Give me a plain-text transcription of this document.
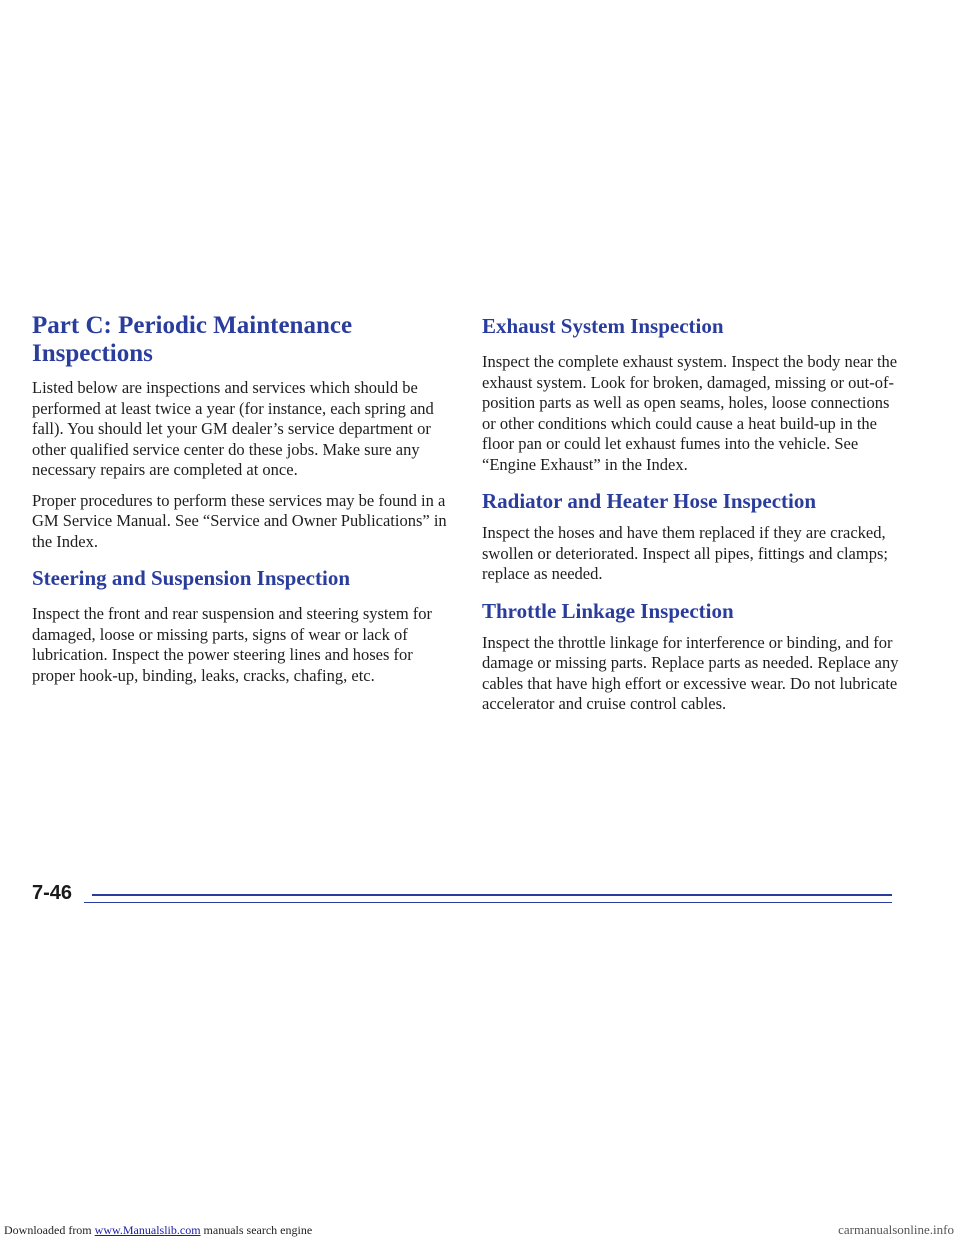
Part C: Periodic Maintenance Inspections

Listed below are inspections and services which should be performed at least twice a year (for instance, each spring and fall). You should let your GM dealer’s service department or other qualified service center do these jobs. Make sure any necessary repairs are completed at once.

Proper procedures to perform these services may be found in a GM Service Manual. See “Service and Owner Publications” in the Index.

Steering and Suspension Inspection

Inspect the front and rear suspension and steering system for damaged, loose or missing parts, signs of wear or lack of lubrication. Inspect the power steering lines and hoses for proper hook-up, binding, leaks, cracks, chafing, etc.

Exhaust System Inspection

Inspect the complete exhaust system. Inspect the body near the exhaust system. Look for broken, damaged, missing or out-of-position parts as well as open seams, holes, loose connections or other conditions which could cause a heat build-up in the floor pan or could let exhaust fumes into the vehicle. See “Engine Exhaust” in the Index.

Radiator and Heater Hose Inspection

Inspect the hoses and have them replaced if they are cracked, swollen or deteriorated. Inspect all pipes, fittings and clamps; replace as needed.

Throttle Linkage Inspection

Inspect the throttle linkage for interference or binding, and for damage or missing parts. Replace parts as needed. Replace any cables that have high effort or excessive wear. Do not lubricate accelerator and cruise control cables.

7-46
Downloaded from www.Manualslib.com manuals search engine	carmanualsonline.info
